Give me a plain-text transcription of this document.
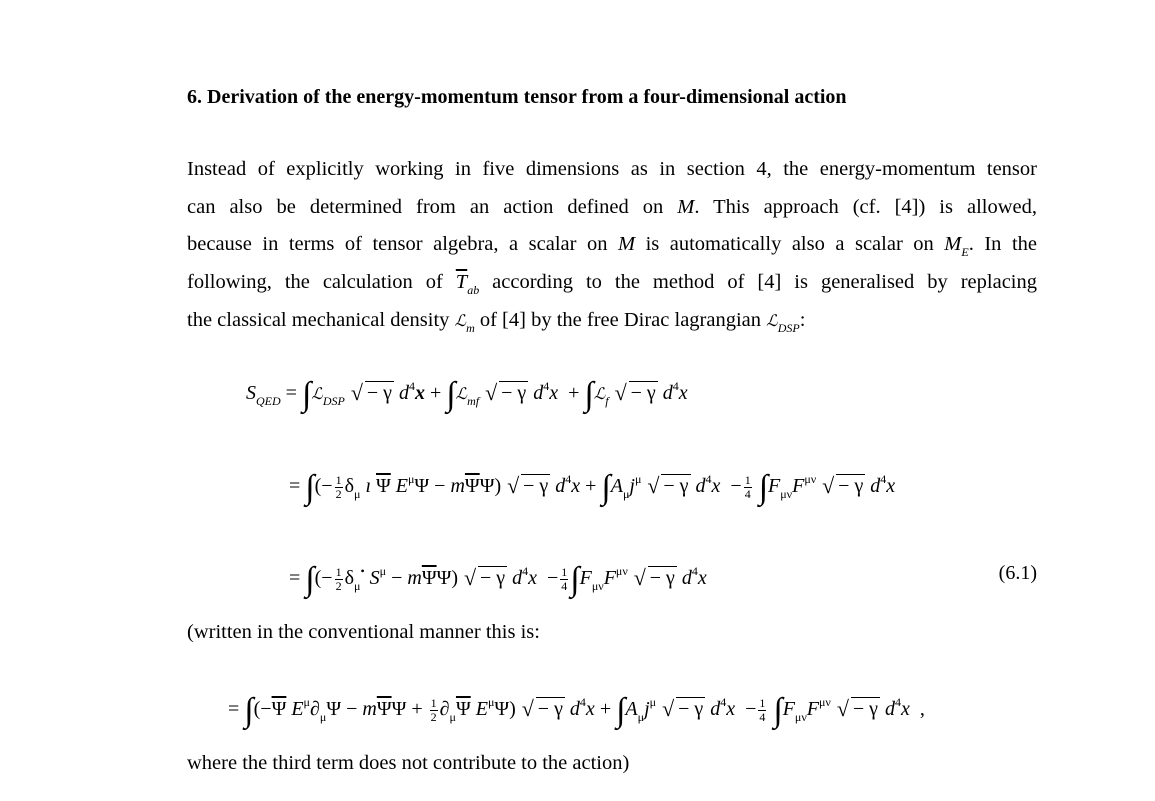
6. Derivation of the energy-momentum tensor from a four-dimensional action
Instead of explicitly working in five dimensions as in section 4, the energy-momentum tensor
can also be determined from an action defined on M. This approach (cf. [4]) is allowed,
because in terms of tensor algebra, a scalar on M is automatically also a scalar on $M_E$. In the
following, the calculation of $\overline{T}_{ab}$ according to the method of [4] is generalised by replacing
the classical mechanical density ℒ$_m$ of [4] by the free Dirac lagrangian ℒ$_{DSP}$:
$S_{QED}$ = ∫ℒ$_{DSP}$ √ − γ $d^4x$ + ∫ℒ$_{mf}$ √ − γ $d^4x$  + ∫ℒ$_f$ √ − γ $d^4x$
= ∫(− $\frac{1}{2} \delta_\mu$ ı $\overline{\Psi}$ $E^\mu\Psi - m\overline{\Psi}\Psi$) √ − γ $d^4x + \int A_\mu j^\mu$ √ − γ $d^4x - \frac{1}{4} \int F_{\mu\nu}F^{\mu\nu}$ √ − γ $d^4x$
= ∫(− $\frac{1}{2} \delta_\mu^•$ $S^\mu - m\overline{\Psi}\Psi$) √ − γ $d^4x - \frac{1}{4} \int F_{\mu\nu}F^{\mu\nu}$ √ − γ $d^4x$	(6.1)
(written in the conventional manner this is:
= $\int(-\overline{\Psi}$ $E^\mu\partial_\mu\Psi - m\overline{\Psi}\Psi + \frac{1}{2} \partial_\mu\overline{\Psi}$ $E^\mu\Psi$) √ − γ $d^4x + \int A_\mu j^\mu$ √ − γ $d^4x - \frac{1}{4} \int F_{\mu\nu}F^{\mu\nu}$ √ − γ $d^4x$  ,
where the third term does not contribute to the action)
